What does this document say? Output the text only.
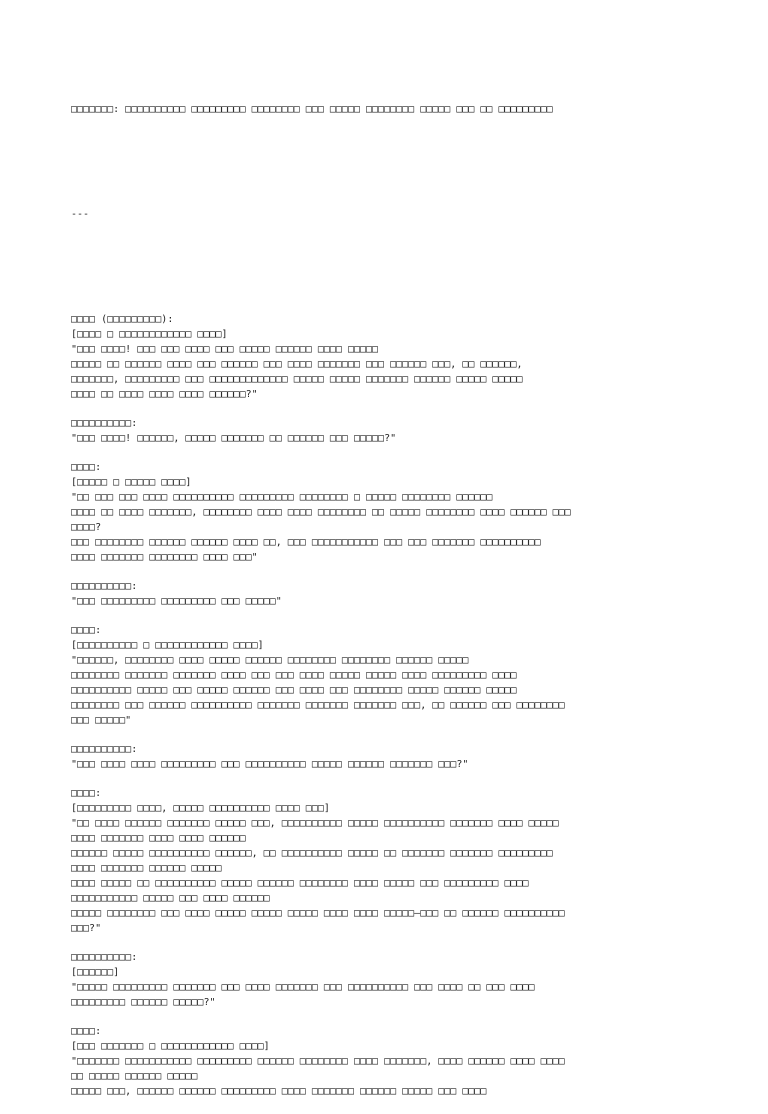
□□□□□□□: □□□□□□□□□□ □□□□□□□□□ □□□□□□□□ □□□ □□□□□ □□□□□□□□ □□□□□ □□□ □□ □□□□□□□□□

---

□□□□ (□□□□□□□□□):
[□□□□ □ □□□□□□□□□□□□ □□□□]
"□□□ □□□□! □□□ □□□ □□□□ □□□ □□□□□ □□□□□□ □□□□ □□□□□
□□□□□ □□ □□□□□□ □□□□ □□□ □□□□□□ □□□ □□□□ □□□□□□□ □□□ □□□□□□ □□□, □□ □□□□□□,
□□□□□□□, □□□□□□□□□ □□□ □□□□□□□□□□□□□ □□□□□ □□□□□ □□□□□□□ □□□□□□ □□□□□ □□□□□
□□□□ □□ □□□□ □□□□ □□□□ □□□□□□?"
□□□□□□□□□□:
"□□□ □□□□! □□□□□□, □□□□□ □□□□□□□ □□ □□□□□□ □□□ □□□□□?"
□□□□:
[□□□□□ □ □□□□□ □□□□]
"□□ □□□ □□□ □□□□ □□□□□□□□□□ □□□□□□□□□ □□□□□□□□ □ □□□□□ □□□□□□□□ □□□□□□
□□□□ □□ □□□□ □□□□□□□, □□□□□□□□ □□□□ □□□□ □□□□□□□□ □□ □□□□□ □□□□□□□□ □□□□ □□□□□□ □□□
□□□□?
□□□ □□□□□□□□ □□□□□□ □□□□□□ □□□□ □□, □□□ □□□□□□□□□□□ □□□ □□□ □□□□□□□ □□□□□□□□□□
□□□□ □□□□□□□ □□□□□□□□ □□□□ □□□"
□□□□□□□□□□:
"□□□ □□□□□□□□□ □□□□□□□□□ □□□ □□□□□"
□□□□:
[□□□□□□□□□□ □ □□□□□□□□□□□□ □□□□]
"□□□□□□, □□□□□□□□ □□□□ □□□□□ □□□□□□ □□□□□□□□ □□□□□□□□ □□□□□□ □□□□□
□□□□□□□□ □□□□□□□ □□□□□□□ □□□□ □□□ □□□ □□□□ □□□□□ □□□□□ □□□□ □□□□□□□□□ □□□□
□□□□□□□□□□ □□□□□ □□□ □□□□□ □□□□□□ □□□ □□□□ □□□ □□□□□□□□ □□□□□ □□□□□□ □□□□□
□□□□□□□□ □□□ □□□□□□ □□□□□□□□□□ □□□□□□□ □□□□□□□ □□□□□□□ □□□, □□ □□□□□□ □□□ □□□□□□□□
□□□ □□□□□"
□□□□□□□□□□:
"□□□ □□□□ □□□□ □□□□□□□□□ □□□ □□□□□□□□□□ □□□□□ □□□□□□ □□□□□□□ □□□?"
□□□□:
[□□□□□□□□□ □□□□, □□□□□ □□□□□□□□□□ □□□□ □□□]
"□□ □□□□ □□□□□□ □□□□□□□ □□□□□ □□□, □□□□□□□□□□ □□□□□ □□□□□□□□□□ □□□□□□□ □□□□ □□□□□
□□□□ □□□□□□□ □□□□ □□□□ □□□□□□
□□□□□□ □□□□□ □□□□□□□□□□ □□□□□□, □□ □□□□□□□□□□ □□□□□ □□ □□□□□□□ □□□□□□□ □□□□□□□□□
□□□□ □□□□□□□ □□□□□□ □□□□□
□□□□ □□□□□ □□ □□□□□□□□□□ □□□□□ □□□□□□ □□□□□□□□ □□□□ □□□□□ □□□ □□□□□□□□□ □□□□
□□□□□□□□□□□ □□□□□ □□□ □□□□ □□□□□□
□□□□□ □□□□□□□□ □□□ □□□□ □□□□□ □□□□□ □□□□□ □□□□ □□□□ □□□□□—□□□ □□ □□□□□□ □□□□□□□□□□
□□□?"
□□□□□□□□□□:
[□□□□□□]
"□□□□□ □□□□□□□□□ □□□□□□□ □□□ □□□□ □□□□□□□ □□□ □□□□□□□□□□ □□□ □□□□ □□ □□□ □□□□
□□□□□□□□□ □□□□□□ □□□□□?"
□□□□:
[□□□ □□□□□□□ □ □□□□□□□□□□□□ □□□□]
"□□□□□□□ □□□□□□□□□□□ □□□□□□□□□ □□□□□□ □□□□□□□□ □□□□ □□□□□□□, □□□□ □□□□□□ □□□□ □□□□
□□ □□□□□ □□□□□□ □□□□□
□□□□□ □□□, □□□□□□ □□□□□□ □□□□□□□□□ □□□□ □□□□□□□ □□□□□□ □□□□□ □□□ □□□□
